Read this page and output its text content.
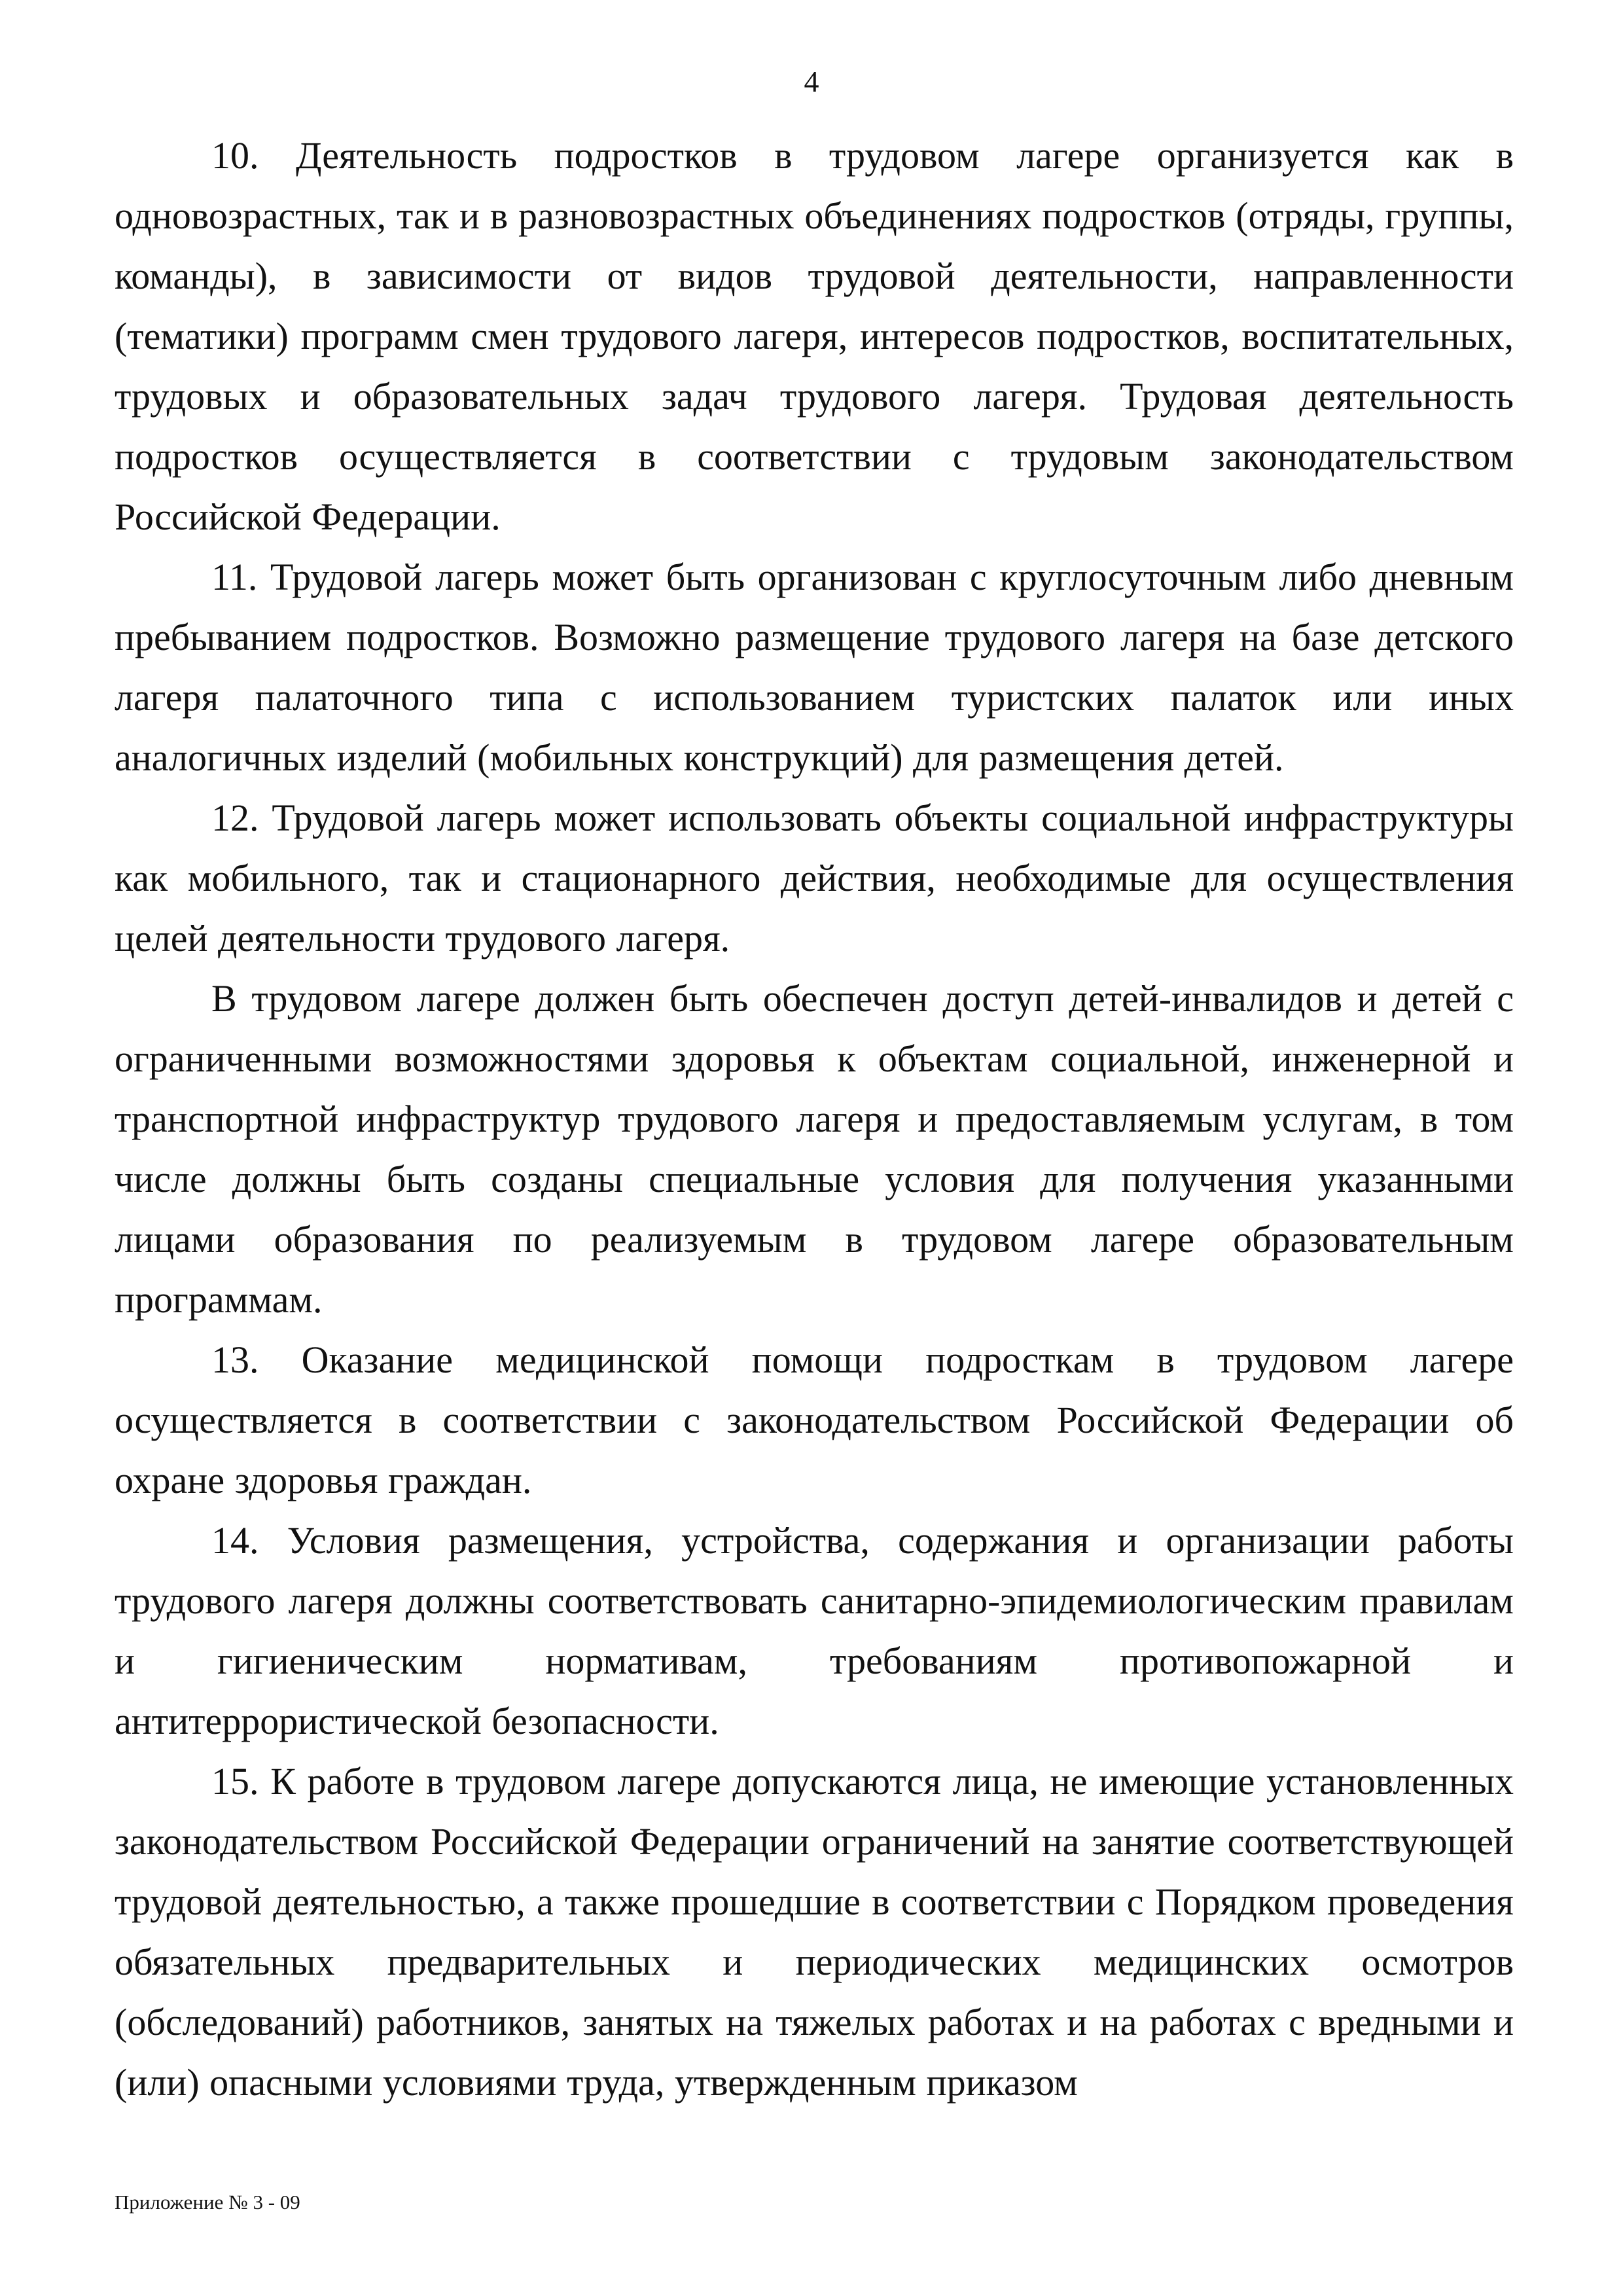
4

10. Деятельность подростков в трудовом лагере организуется как в одновозрастных, так и в разновозрастных объединениях подростков (отряды, группы, команды), в зависимости от видов трудовой деятельности, направленности (тематики) программ смен трудового лагеря, интересов подростков, воспитательных, трудовых и образовательных задач трудового лагеря. Трудовая деятельность подростков осуществляется в соответствии с трудовым законодательством Российской Федерации.

11. Трудовой лагерь может быть организован с круглосуточным либо дневным пребыванием подростков. Возможно размещение трудового лагеря на базе детского лагеря палаточного типа с использованием туристских палаток или иных аналогичных изделий (мобильных конструкций) для размещения детей.

12. Трудовой лагерь может использовать объекты социальной инфраструктуры как мобильного, так и стационарного действия, необходимые для осуществления целей деятельности трудового лагеря.

В трудовом лагере должен быть обеспечен доступ детей-инвалидов и детей с ограниченными возможностями здоровья к объектам социальной, инженерной и транспортной инфраструктур трудового лагеря и предоставляемым услугам, в том числе должны быть созданы специальные условия для получения указанными лицами образования по реализуемым в трудовом лагере образовательным программам.

13. Оказание медицинской помощи подросткам в трудовом лагере осуществляется в соответствии с законодательством Российской Федерации об охране здоровья граждан.

14. Условия размещения, устройства, содержания и организации работы трудового лагеря должны соответствовать санитарно-эпидемиологическим правилам и гигиеническим нормативам, требованиям противопожарной и антитеррористической безопасности.

15. К работе в трудовом лагере допускаются лица, не имеющие установленных законодательством Российской Федерации ограничений на занятие соответствующей трудовой деятельностью, а также прошедшие в соответствии с Порядком проведения обязательных предварительных и периодических медицинских осмотров (обследований) работников, занятых на тяжелых работах и на работах с вредными и (или) опасными условиями труда, утвержденным приказом

Приложение № 3 - 09
